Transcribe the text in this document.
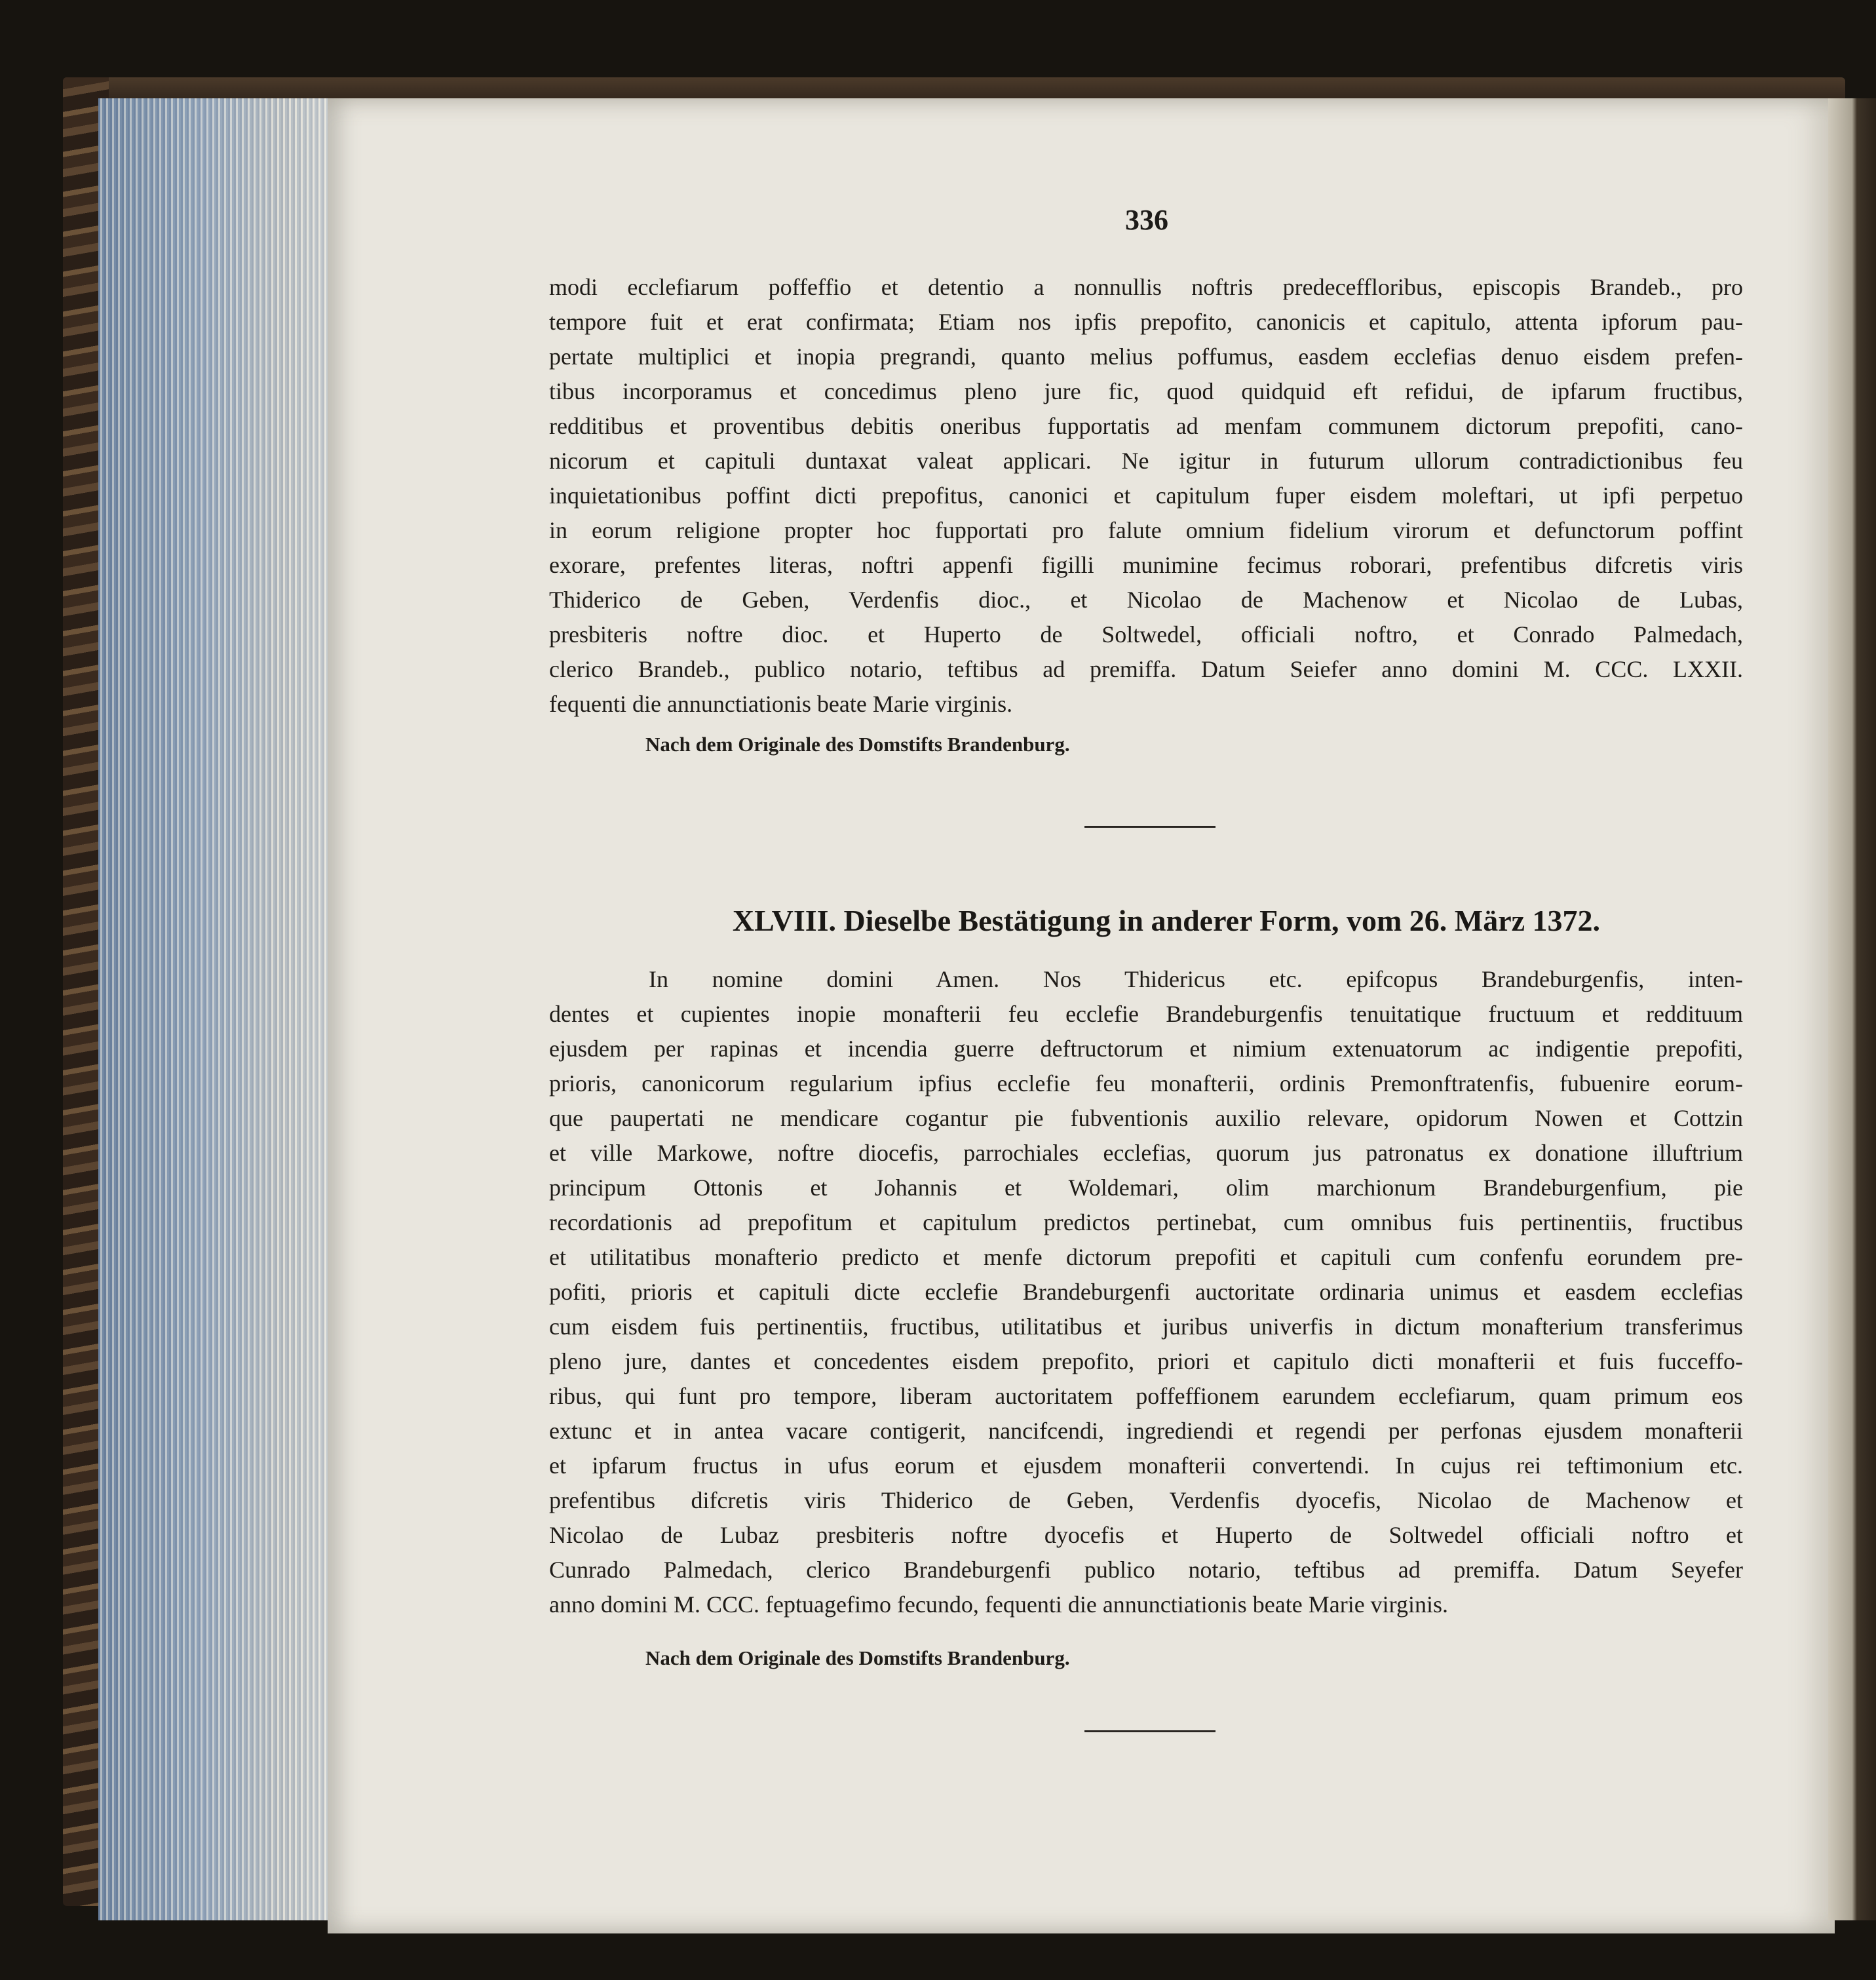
336
modi ecclefiarum poffeffio et detentio a nonnullis noftris predeceffloribus, episcopis Brandeb., pro
tempore fuit et erat confirmata; Etiam nos ipfis prepofito, canonicis et capitulo, attenta ipforum pau-
pertate multiplici et inopia pregrandi, quanto melius poffumus, easdem ecclefias denuo eisdem prefen-
tibus incorporamus et concedimus pleno jure fic, quod quidquid eft refidui, de ipfarum fructibus,
redditibus et proventibus debitis oneribus fupportatis ad menfam communem dictorum prepofiti, cano-
nicorum et capituli duntaxat valeat applicari. Ne igitur in futurum ullorum contradictionibus feu
inquietationibus poffint dicti prepofitus, canonici et capitulum fuper eisdem moleftari, ut ipfi perpetuo
in eorum religione propter hoc fupportati pro falute omnium fidelium virorum et defunctorum poffint
exorare, prefentes literas, noftri appenfi figilli munimine fecimus roborari, prefentibus difcretis viris
Thiderico de Geben, Verdenfis dioc., et Nicolao de Machenow et Nicolao de Lubas,
presbiteris noftre dioc. et Huperto de Soltwedel, officiali noftro, et Conrado Palmedach,
clerico Brandeb., publico notario, teftibus ad premiffa. Datum Seiefer anno domini M. CCC. LXXII.
fequenti die annunctiationis beate Marie virginis.
Nach dem Originale des Domstifts Brandenburg.
XLVIII. Dieselbe Bestätigung in anderer Form, vom 26. März 1372.
In nomine domini Amen. Nos Thidericus etc. epifcopus Brandeburgenfis, inten-
dentes et cupientes inopie monafterii feu ecclefie Brandeburgenfis tenuitatique fructuum et reddituum
ejusdem per rapinas et incendia guerre deftructorum et nimium extenuatorum ac indigentie prepofiti,
prioris, canonicorum regularium ipfius ecclefie feu monafterii, ordinis Premonftratenfis, fubuenire eorum-
que paupertati ne mendicare cogantur pie fubventionis auxilio relevare, opidorum Nowen et Cottzin
et ville Markowe, noftre diocefis, parrochiales ecclefias, quorum jus patronatus ex donatione illuftrium
principum Ottonis et Johannis et Woldemari, olim marchionum Brandeburgenfium, pie
recordationis ad prepofitum et capitulum predictos pertinebat, cum omnibus fuis pertinentiis, fructibus
et utilitatibus monafterio predicto et menfe dictorum prepofiti et capituli cum confenfu eorundem pre-
pofiti, prioris et capituli dicte ecclefie Brandeburgenfi auctoritate ordinaria unimus et easdem ecclefias
cum eisdem fuis pertinentiis, fructibus, utilitatibus et juribus univerfis in dictum monafterium transferimus
pleno jure, dantes et concedentes eisdem prepofito, priori et capitulo dicti monafterii et fuis fucceffo-
ribus, qui funt pro tempore, liberam auctoritatem poffeffionem earundem ecclefiarum, quam primum eos
extunc et in antea vacare contigerit, nancifcendi, ingrediendi et regendi per perfonas ejusdem monafterii
et ipfarum fructus in ufus eorum et ejusdem monafterii convertendi. In cujus rei teftimonium etc.
prefentibus difcretis viris Thiderico de Geben, Verdenfis dyocefis, Nicolao de Machenow et
Nicolao de Lubaz presbiteris noftre dyocefis et Huperto de Soltwedel officiali noftro et
Cunrado Palmedach, clerico Brandeburgenfi publico notario, teftibus ad premiffa. Datum Seyefer
anno domini M. CCC. feptuagefimo fecundo, fequenti die annunctiationis beate Marie virginis.
Nach dem Originale des Domstifts Brandenburg.
